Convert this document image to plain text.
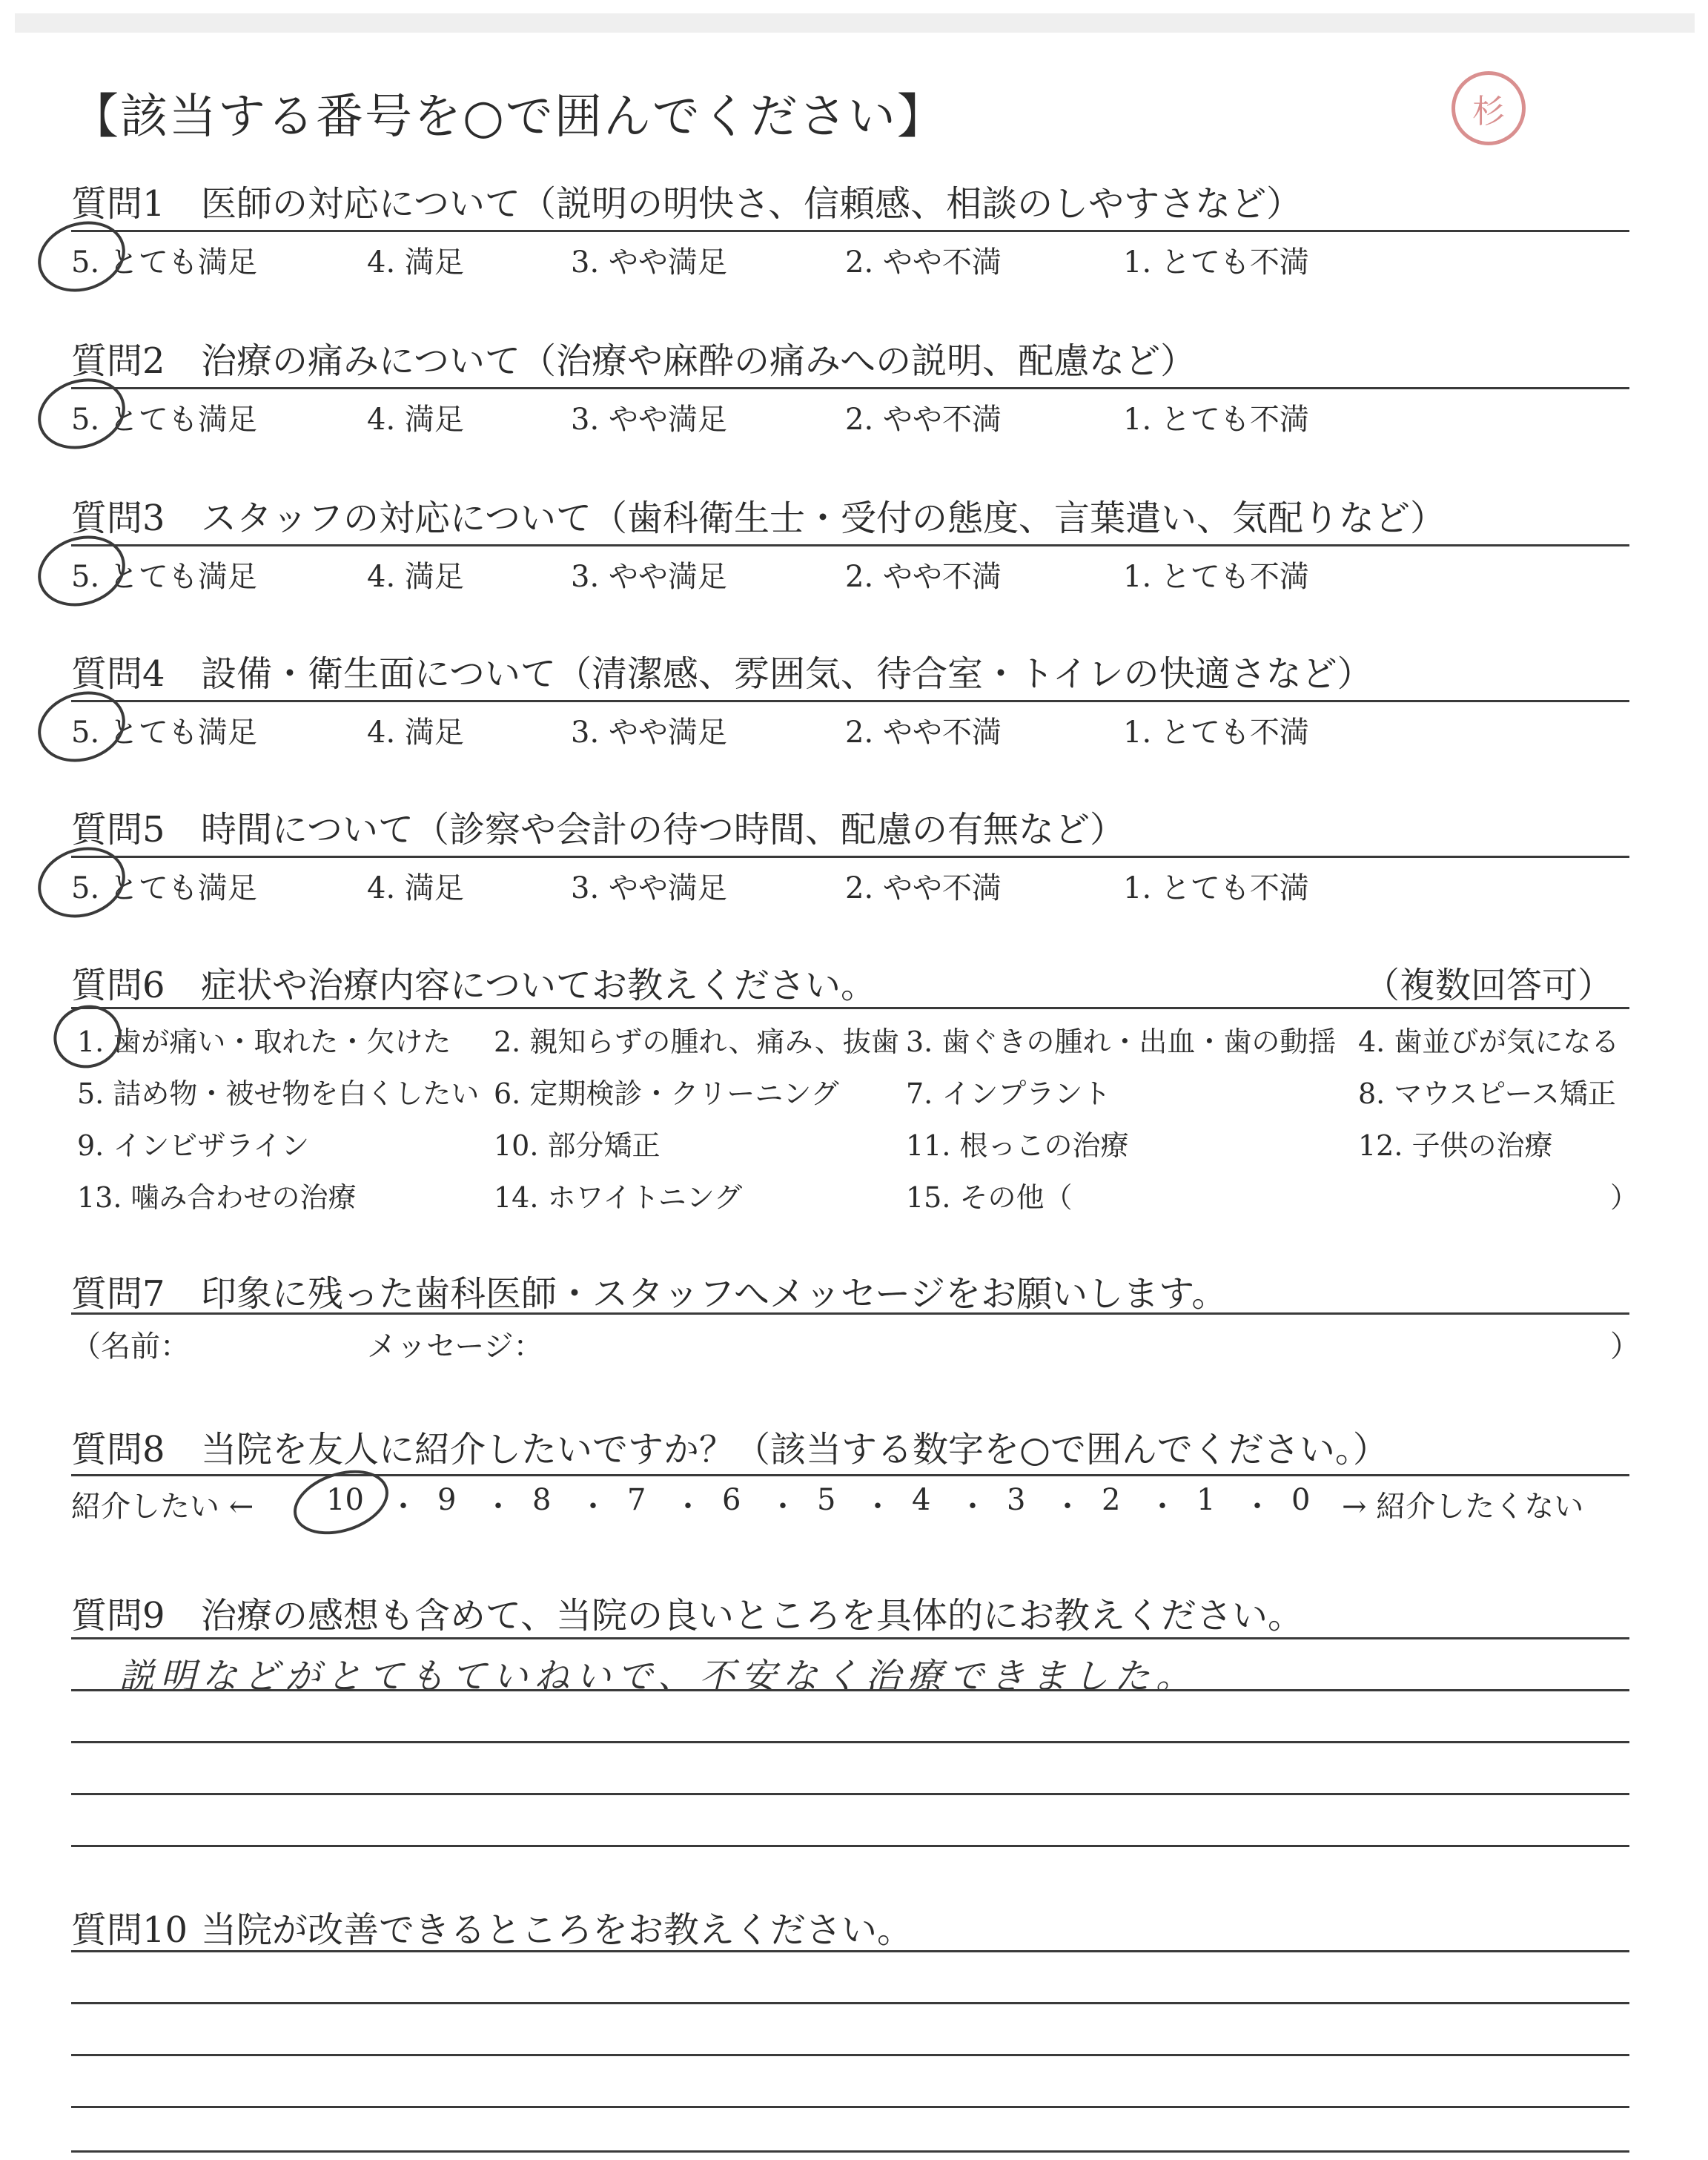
【該当する番号を○で囲んでください】	杉
質問1 医師の対応について（説明の明快さ、信頼感、相談のしやすさなど）
5. とても満足	4. 満足	3. やや満足	2. やや不満	1. とても不満
質問2 治療の痛みについて（治療や麻酔の痛みへの説明、配慮など）
5. とても満足	4. 満足	3. やや満足	2. やや不満	1. とても不満
質問3 スタッフの対応について（歯科衛生士・受付の態度、言葉遣い、気配りなど）
5. とても満足	4. 満足	3. やや満足	2. やや不満	1. とても不満
質問4 設備・衛生面について（清潔感、雰囲気、待合室・トイレの快適さなど）
5. とても満足	4. 満足	3. やや満足	2. やや不満	1. とても不満
質問5 時間について（診察や会計の待つ時間、配慮の有無など）
5. とても満足	4. 満足	3. やや満足	2. やや不満	1. とても不満
質問6 症状や治療内容についてお教えください。	（複数回答可）
1. 歯が痛い・取れた・欠けた 2. 親知らずの腫れ、痛み、抜歯 3. 歯ぐきの腫れ・出血・歯の動揺 4. 歯並びが気になる
5. 詰め物・被せ物を白くしたい 6. 定期検診・クリーニング 7. インプラント	8. マウスピース矯正
9. インビザライン	10. 部分矯正	11. 根っこの治療	12. 子供の治療
13. 噛み合わせの治療	14. ホワイトニング	15. その他（	）
質問7 印象に残った歯科医師・スタッフへメッセージをお願いします。
（名前：	メッセージ：	）
質問8 当院を友人に紹介したいですか？（該当する数字を○で囲んでください。）
紹介したい ← 10 ・ 9 ・ 8 ・ 7 ・ 6 ・ 5 ・ 4 ・ 3 ・ 2 ・ 1 ・ 0 → 紹介したくない
質問9 治療の感想も含めて、当院の良いところを具体的にお教えください。
説明などがとてもていねいで、不安なく治療できました。
質問10 当院が改善できるところをお教えください。
